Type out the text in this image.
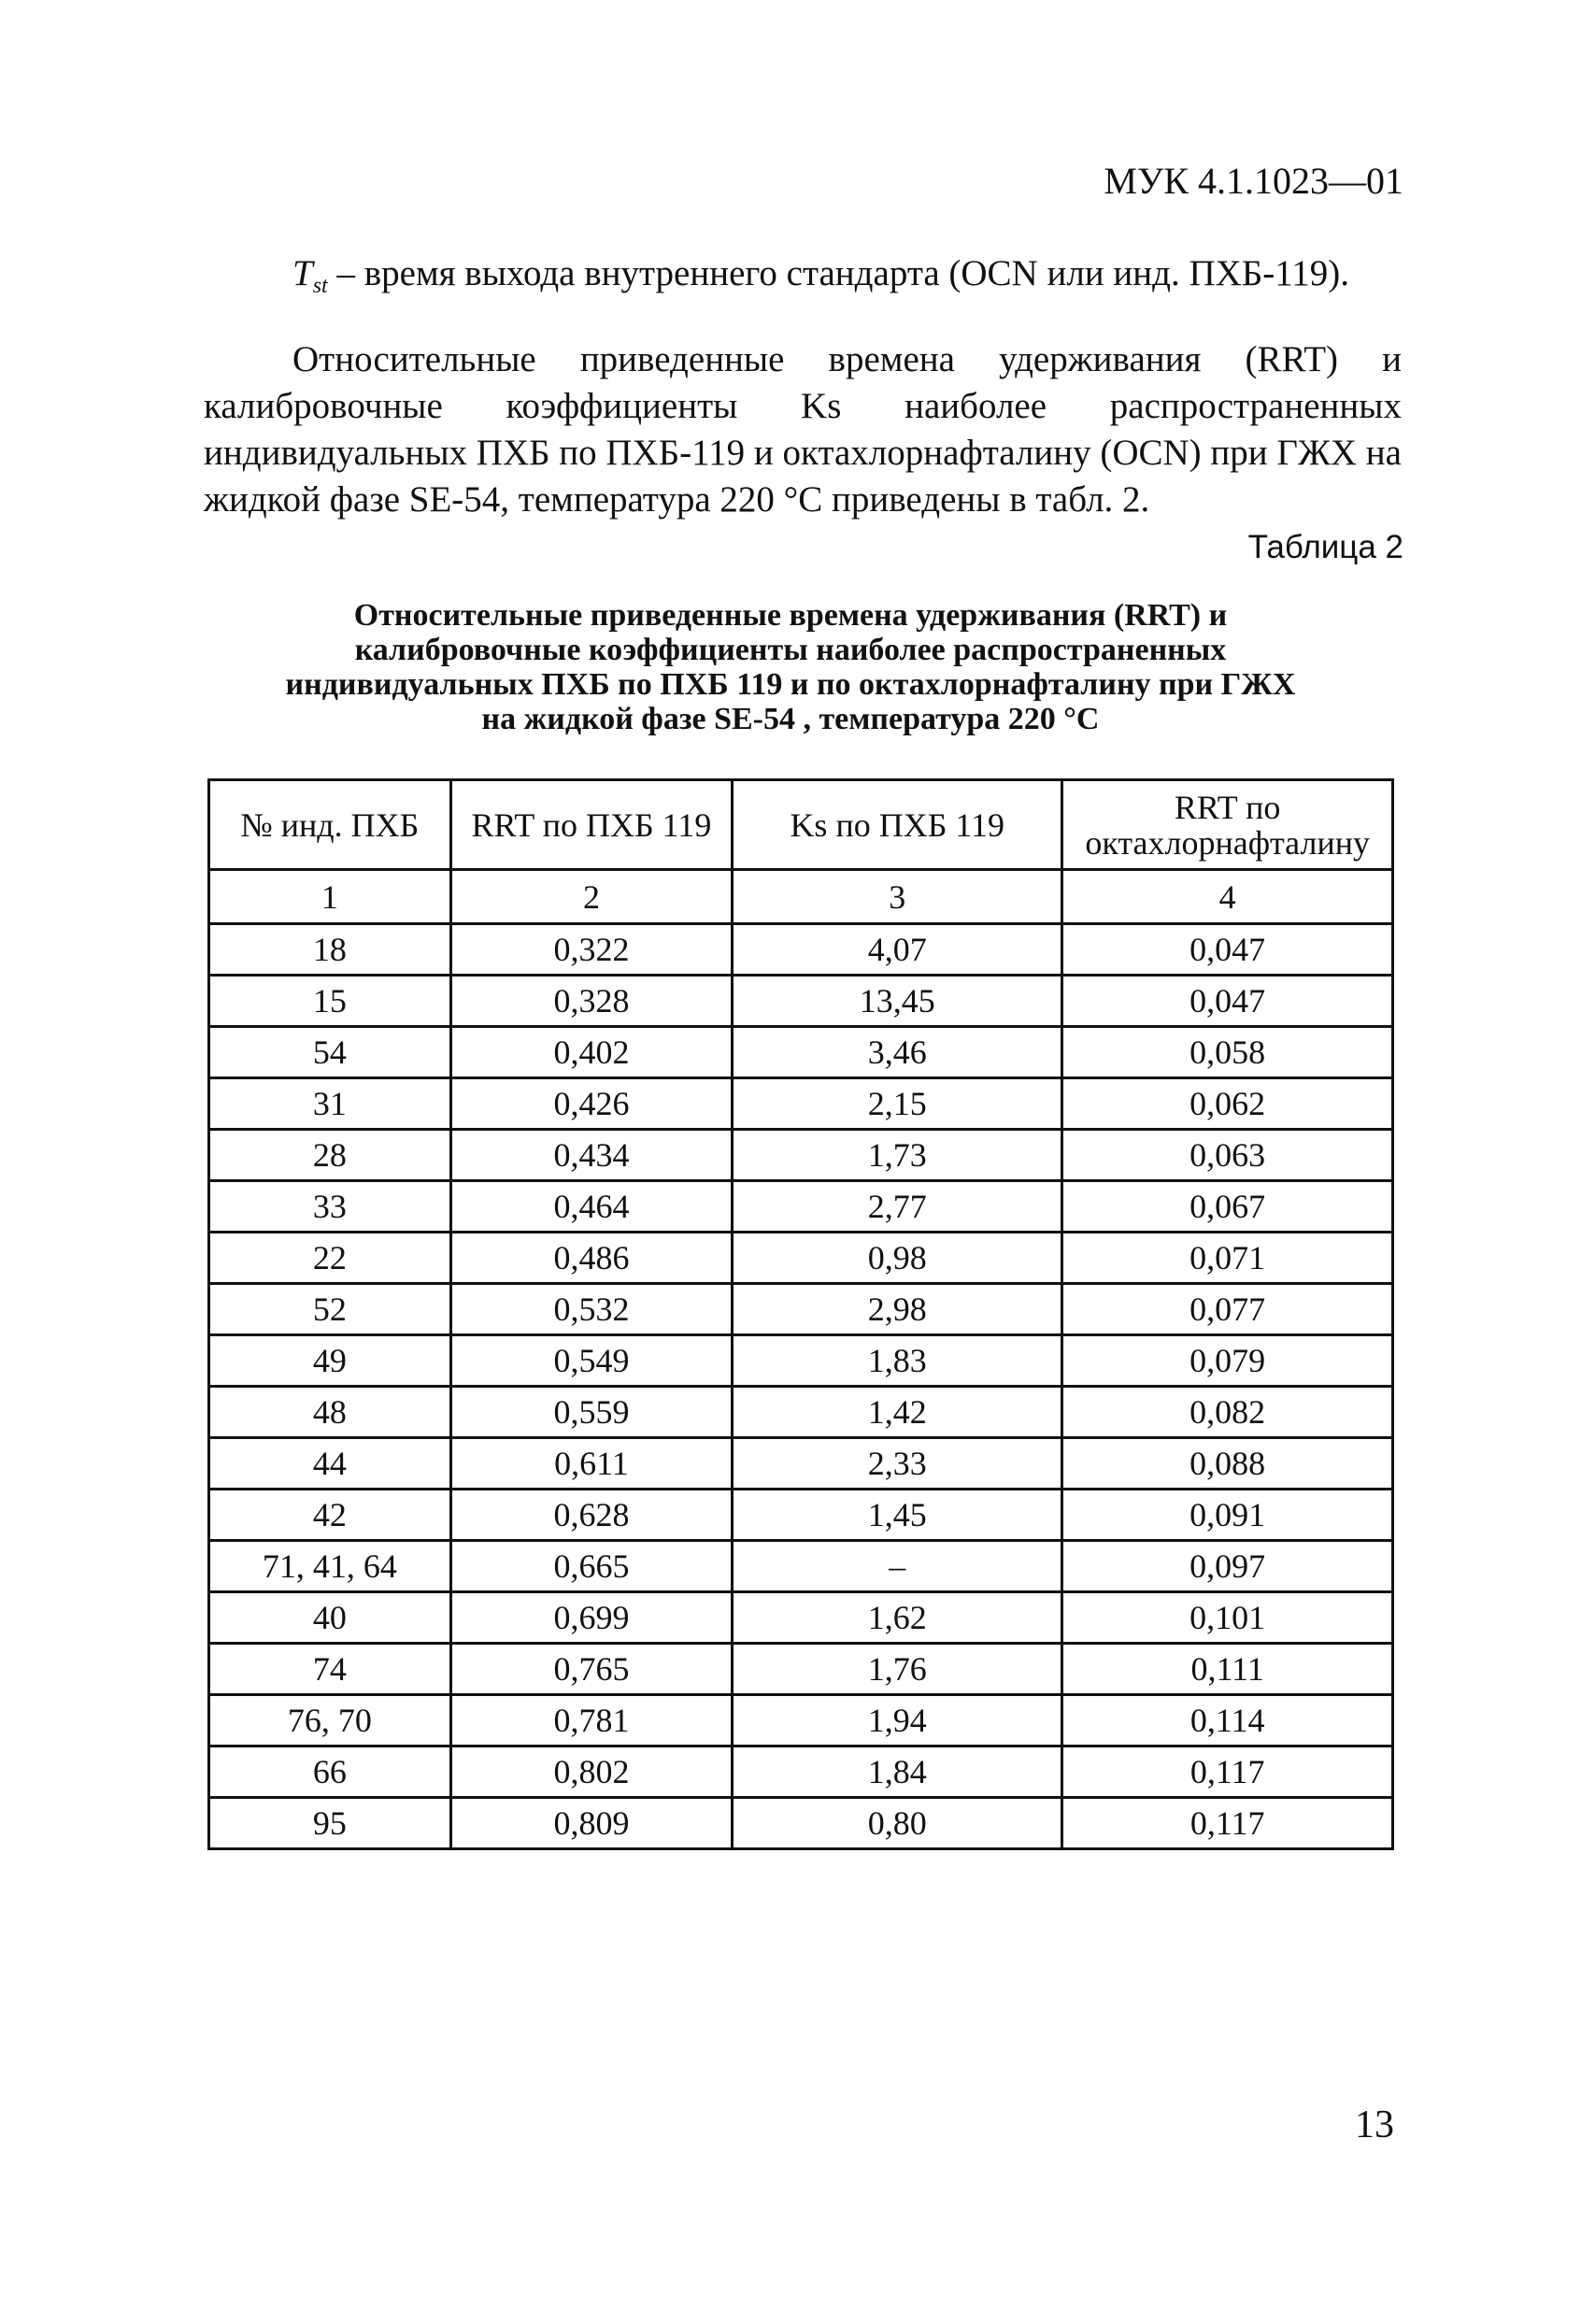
МУК 4.1.1023—01
$T_{st}$ – время выхода внутреннего стандарта (OCN или инд. ПХБ-119).
Относительные приведенные времена удерживания (RRT) и калибровочные коэффициенты Ks наиболее распространенных индивидуальных ПХБ по ПХБ-119 и октахлорнафталину (OCN) при ГЖХ на жидкой фазе SE-54, температура 220 °С приведены в табл. 2.
Таблица 2
Относительные приведенные времена удерживания (RRT) и
калибровочные коэффициенты наиболее распространенных
индивидуальных ПХБ по ПХБ 119 и по октахлорнафталину при ГЖХ
на жидкой фазе SE-54 , температура 220 °С
№ инд. ПХБ	RRT по ПХБ 119	Ks по ПХБ 119	RRT по октахлорнафталину
1	2	3	4
18	0,322	4,07	0,047
15	0,328	13,45	0,047
54	0,402	3,46	0,058
31	0,426	2,15	0,062
28	0,434	1,73	0,063
33	0,464	2,77	0,067
22	0,486	0,98	0,071
52	0,532	2,98	0,077
49	0,549	1,83	0,079
48	0,559	1,42	0,082
44	0,611	2,33	0,088
42	0,628	1,45	0,091
71, 41, 64	0,665	–	0,097
40	0,699	1,62	0,101
74	0,765	1,76	0,111
76, 70	0,781	1,94	0,114
66	0,802	1,84	0,117
95	0,809	0,80	0,117
13
